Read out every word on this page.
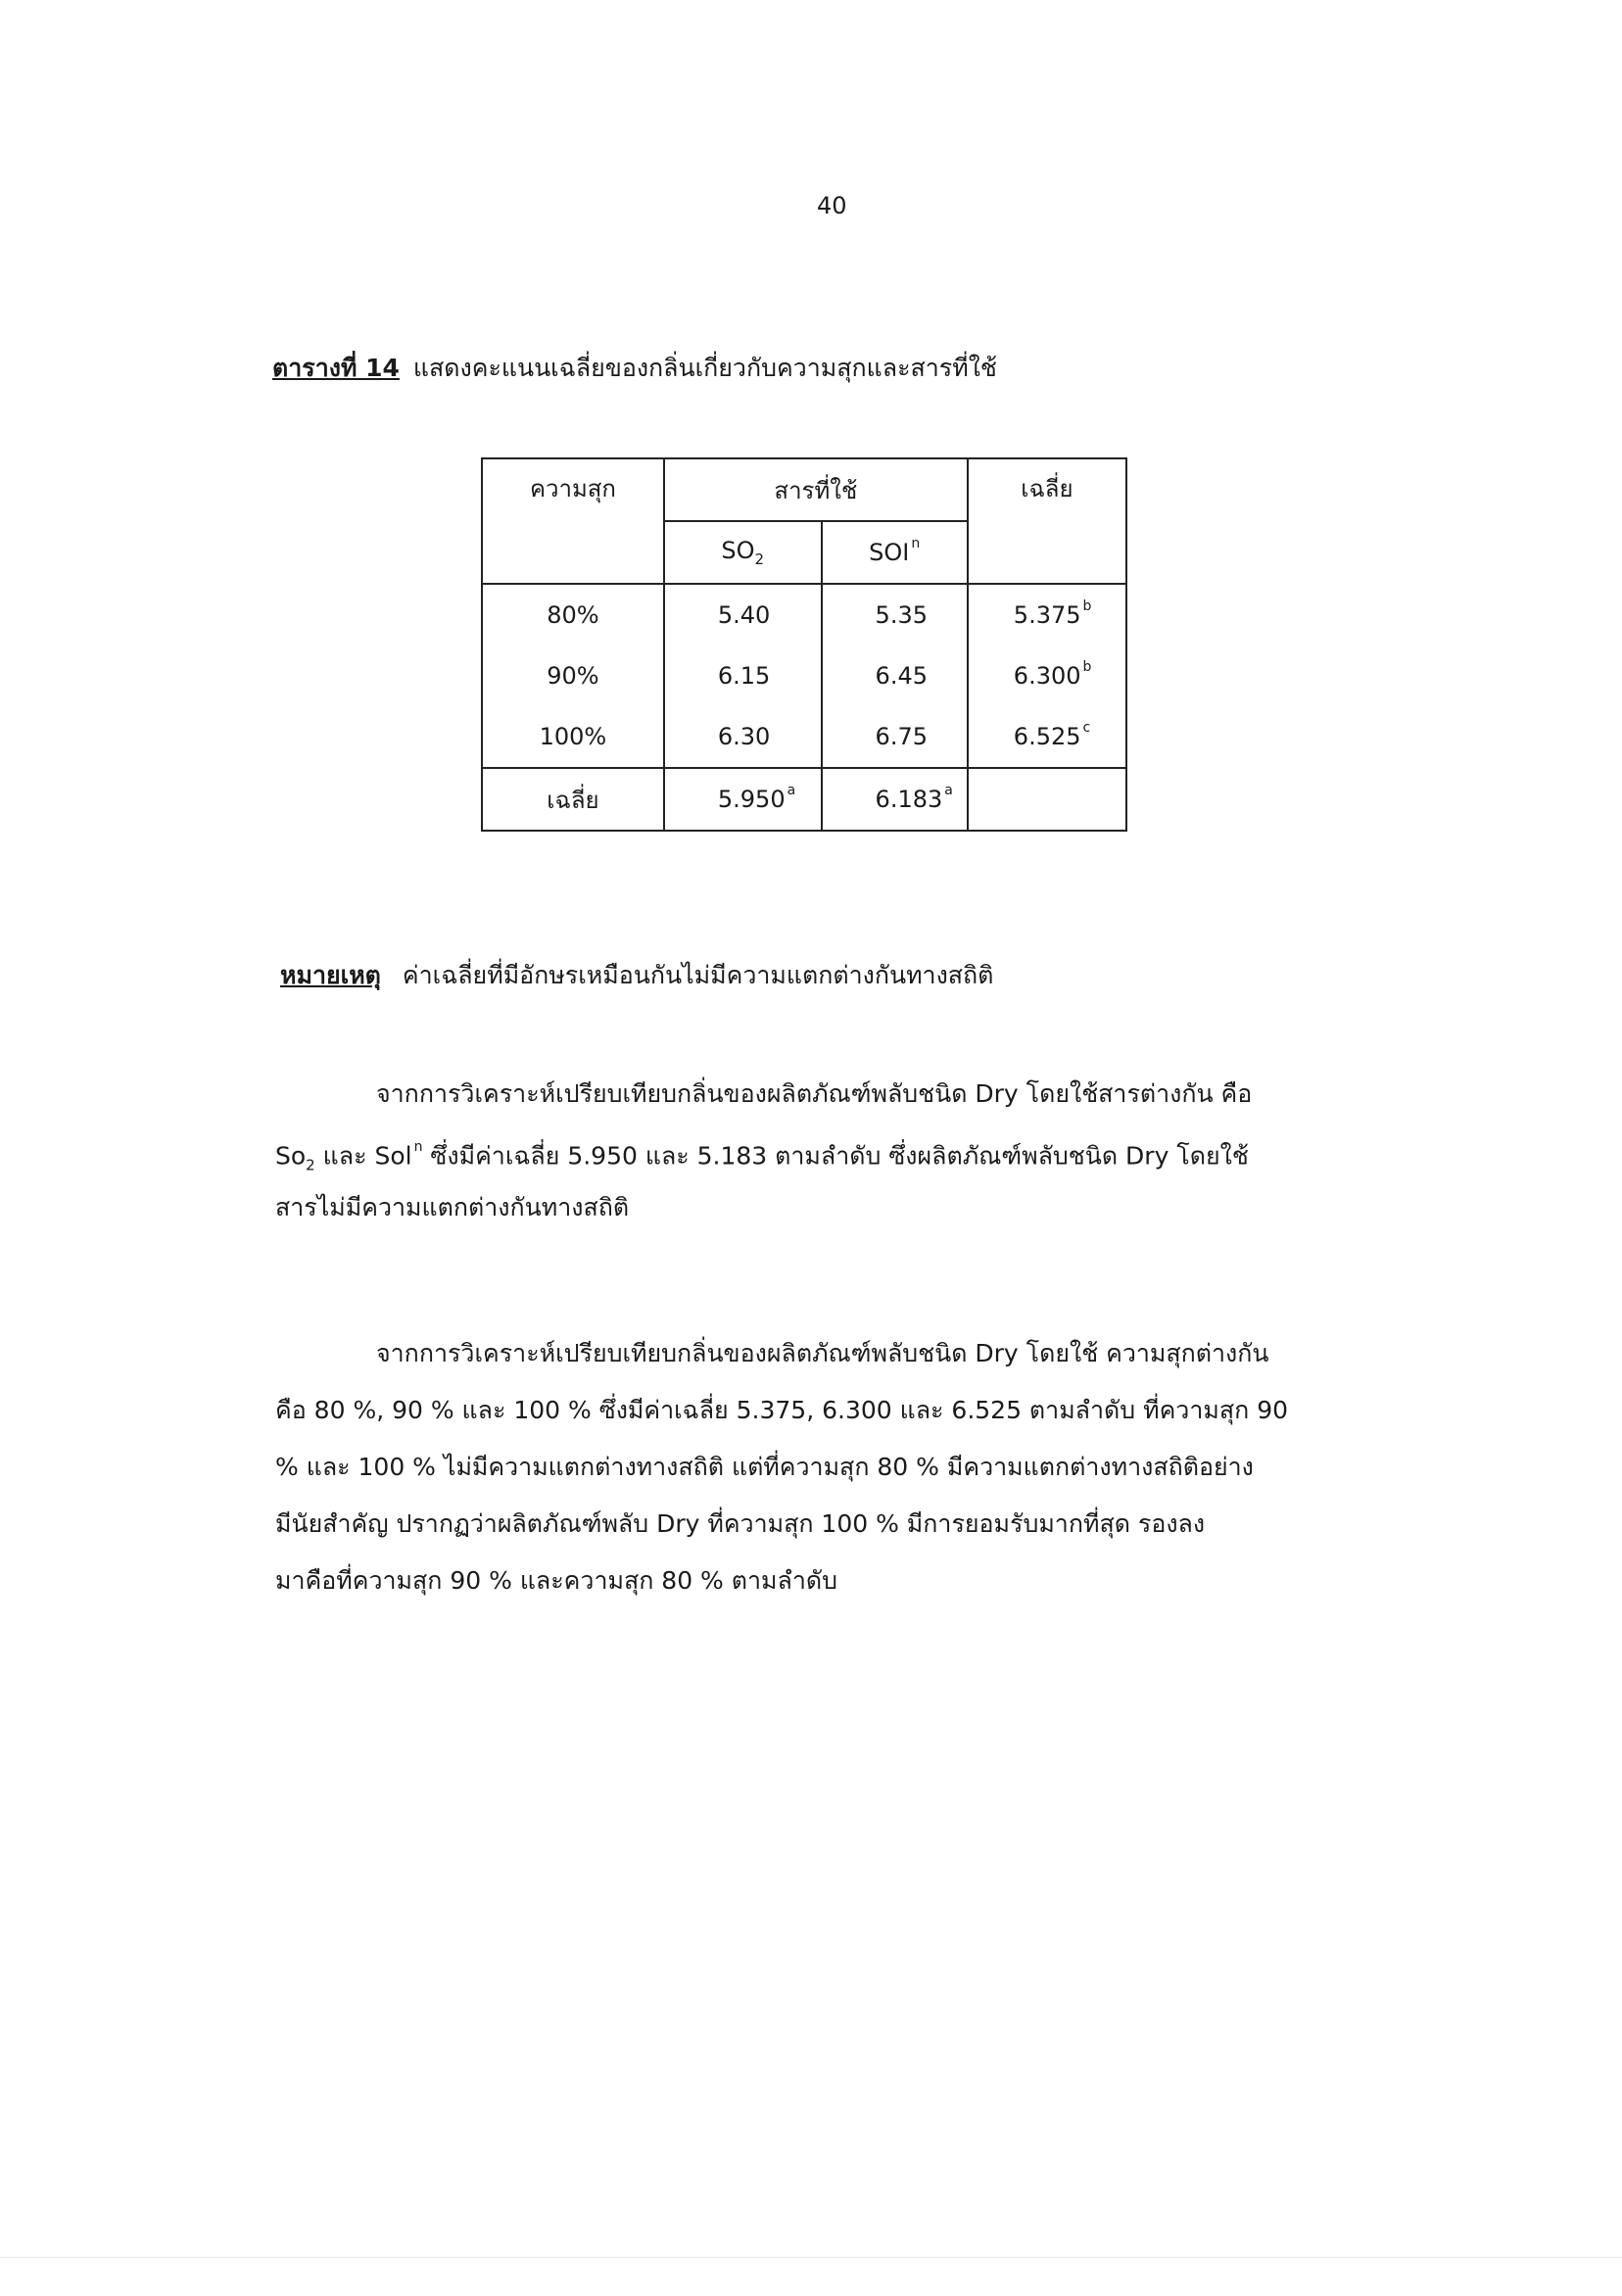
40
ตารางที่ 14 แสดงคะแนนเฉลี่ยของกลิ่นเกี่ยวกับความสุกและสารที่ใช้
ความสุก	สารที่ใช้		เฉลี่ย
	$SO_2$	SOI $^n$
80%	5.40	5.35	5.375 $^b$
90%	6.15	6.45	6.300 $^b$
100%	6.30	6.75	6.525 $^c$
เฉลี่ย	5.950 $^a$	6.183 $^a$	
หมายเหตุ ค่าเฉลี่ยที่มีอักษรเหมือนกันไม่มีความแตกต่างกันทางสถิติ
จากการวิเคราะห์เปรียบเทียบกลิ่นของผลิตภัณฑ์พลับชนิด Dry โดยใช้สารต่างกัน คือ
$So_2$ และ Sol $^n$ ซึ่งมีค่าเฉลี่ย 5.950 และ 5.183 ตามลำดับ ซึ่งผลิตภัณฑ์พลับชนิด Dry โดยใช้
สารไม่มีความแตกต่างกันทางสถิติ
จากการวิเคราะห์เปรียบเทียบกลิ่นของผลิตภัณฑ์พลับชนิด Dry โดยใช้ ความสุกต่างกัน
คือ 80 %, 90 % และ 100 % ซึ่งมีค่าเฉลี่ย 5.375, 6.300 และ 6.525 ตามลำดับ ที่ความสุก 90
% และ 100 % ไม่มีความแตกต่างทางสถิติ แต่ที่ความสุก 80 % มีความแตกต่างทางสถิติอย่าง
มีนัยสำคัญ ปรากฏว่าผลิตภัณฑ์พลับ Dry ที่ความสุก 100 % มีการยอมรับมากที่สุด รองลง
มาคือที่ความสุก 90 % และความสุก 80 % ตามลำดับ
